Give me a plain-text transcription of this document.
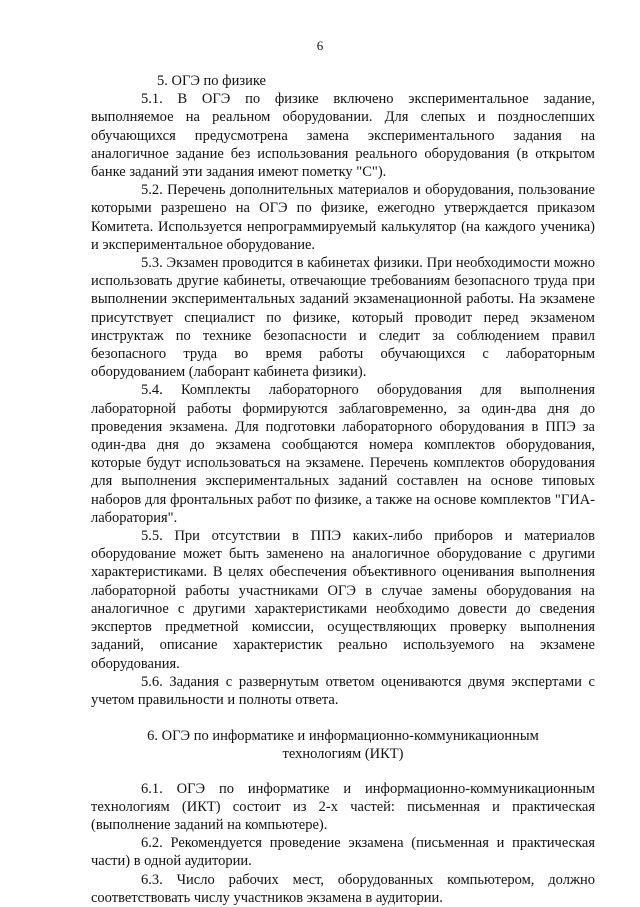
6

5. ОГЭ по физике

5.1. В ОГЭ по физике включено экспериментальное задание, выполняемое на реальном оборудовании. Для слепых и позднослепших обучающихся предусмотрена замена экспериментального задания на аналогичное задание без использования реального оборудования (в открытом банке заданий эти задания имеют пометку "С").

5.2. Перечень дополнительных материалов и оборудования, пользование которыми разрешено на ОГЭ по физике, ежегодно утверждается приказом Комитета. Используется непрограммируемый калькулятор (на каждого ученика) и экспериментальное оборудование.

5.3. Экзамен проводится в кабинетах физики. При необходимости можно использовать другие кабинеты, отвечающие требованиям безопасного труда при выполнении экспериментальных заданий экзаменационной работы. На экзамене присутствует специалист по физике, который проводит перед экзаменом инструктаж по технике безопасности и следит за соблюдением правил безопасного труда во время работы обучающихся с лабораторным оборудованием (лаборант кабинета физики).

5.4. Комплекты лабораторного оборудования для выполнения лабораторной работы формируются заблаговременно, за один-два дня до проведения экзамена. Для подготовки лабораторного оборудования в ППЭ за один-два дня до экзамена сообщаются номера комплектов оборудования, которые будут использоваться на экзамене. Перечень комплектов оборудования для выполнения экспериментальных заданий составлен на основе типовых наборов для фронтальных работ по физике, а также на основе комплектов "ГИА-лаборатория".

5.5. При отсутствии в ППЭ каких-либо приборов и материалов оборудование может быть заменено на аналогичное оборудование с другими характеристиками. В целях обеспечения объективного оценивания выполнения лабораторной работы участниками ОГЭ в случае замены оборудования на аналогичное с другими характеристиками необходимо довести до сведения экспертов предметной комиссии, осуществляющих проверку выполнения заданий, описание характеристик реально используемого на экзамене оборудования.

5.6. Задания с развернутым ответом оцениваются двумя экспертами с учетом правильности и полноты ответа.

6. ОГЭ по информатике и информационно-коммуникационным

технологиям (ИКТ)

6.1. ОГЭ по информатике и информационно-коммуникационным технологиям (ИКТ) состоит из 2-х частей: письменная и практическая (выполнение заданий на компьютере).

6.2. Рекомендуется проведение экзамена (письменная и практическая части) в одной аудитории.

6.3. Число рабочих мест, оборудованных компьютером, должно соответствовать числу участников экзамена в аудитории.
